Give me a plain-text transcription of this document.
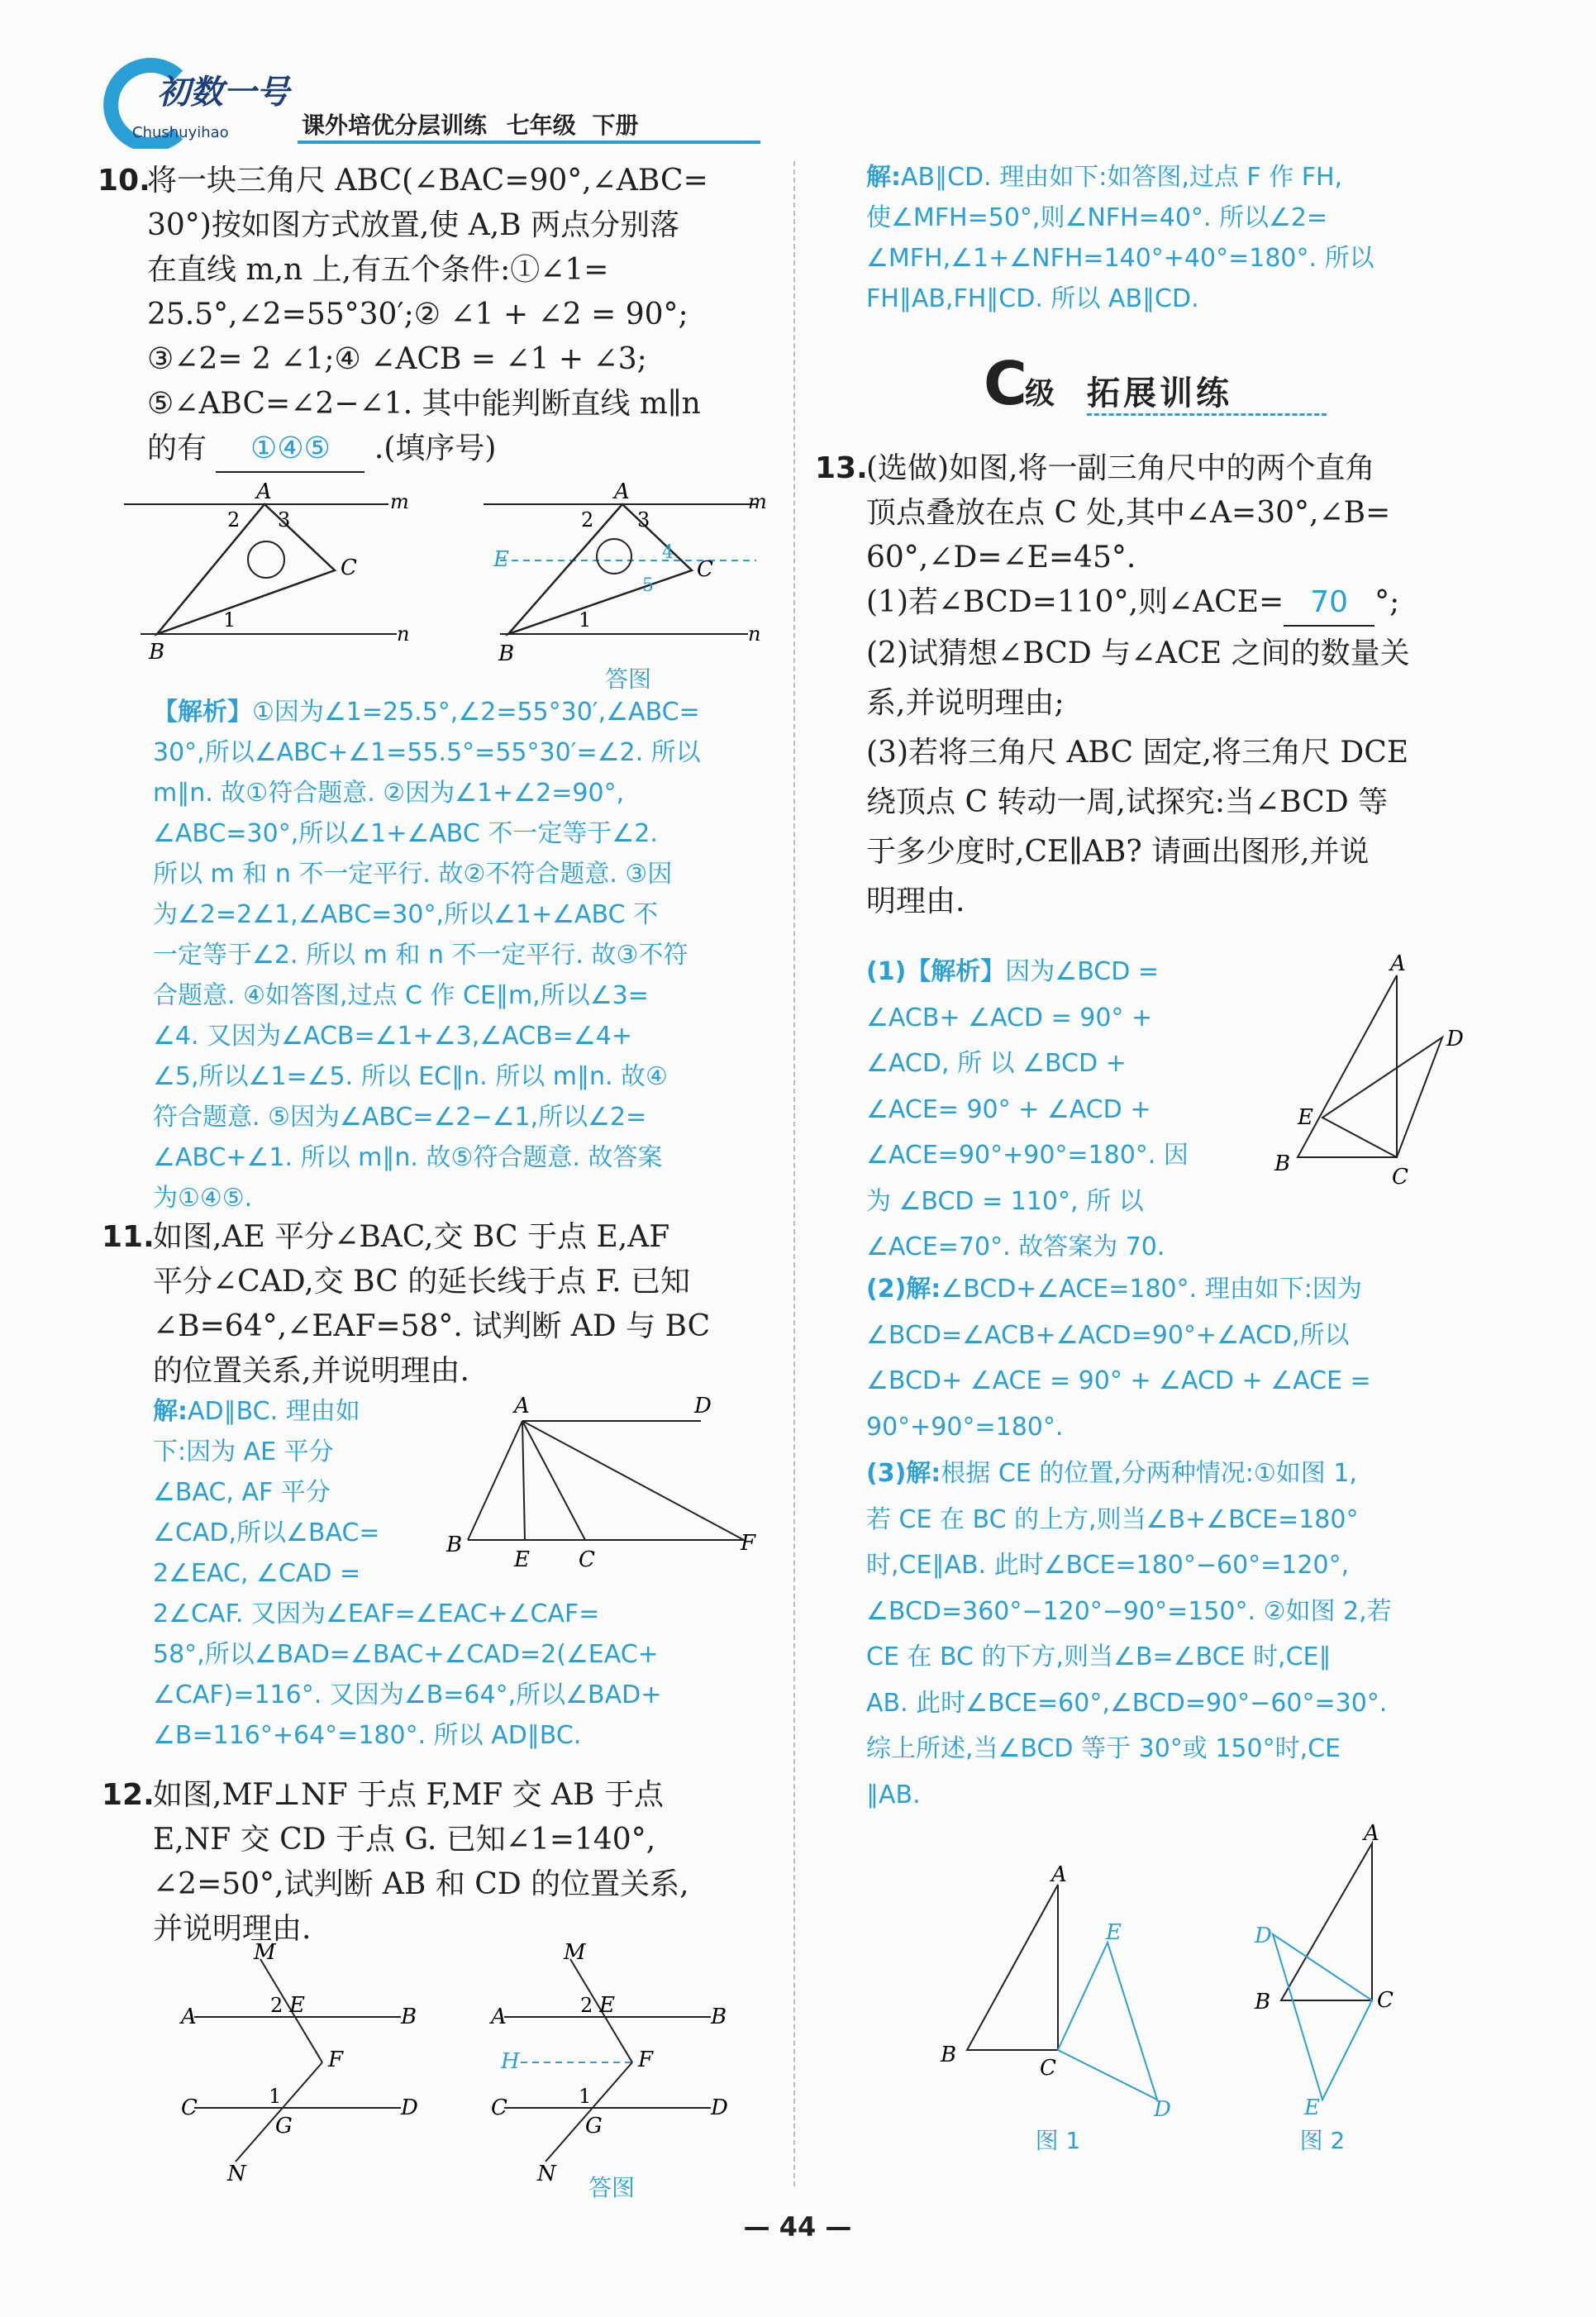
初数一号
Chushuyihao	课外培优分层训练 七年级 下册
10.
将一块三角尺 ABC(∠BAC=90°,∠ABC=
30°)按如图方式放置,使 A,B 两点分别落
在直线 m,n 上,有五个条件:①∠1=
25.5°,∠2=55°30′;② ∠1 + ∠2 = 90°;
③∠2= 2 ∠1;④ ∠ACB = ∠1 + ∠3;
⑤∠ABC=∠2−∠1. 其中能判断直线 m∥n
的有 ①④⑤ .(填序号)
A	m
n
C
B
2 3
1
A	m
n
C
B
E
2 3
4
5
1
答图
【解析】①因为∠1=25.5°,∠2=55°30′,∠ABC=
30°,所以∠ABC+∠1=55.5°=55°30′=∠2. 所以
m∥n. 故①符合题意. ②因为∠1+∠2=90°,
∠ABC=30°,所以∠1+∠ABC 不一定等于∠2.
所以 m 和 n 不一定平行. 故②不符合题意. ③因
为∠2=2∠1,∠ABC=30°,所以∠1+∠ABC 不
一定等于∠2. 所以 m 和 n 不一定平行. 故③不符
合题意. ④如答图,过点 C 作 CE∥m,所以∠3=
∠4. 又因为∠ACB=∠1+∠3,∠ACB=∠4+
∠5,所以∠1=∠5. 所以 EC∥n. 所以 m∥n. 故④
符合题意. ⑤因为∠ABC=∠2−∠1,所以∠2=
∠ABC+∠1. 所以 m∥n. 故⑤符合题意. 故答案
为①④⑤.
11.
如图,AE 平分∠BAC,交 BC 于点 E,AF
平分∠CAD,交 BC 的延长线于点 F. 已知
∠B=64°,∠EAF=58°. 试判断 AD 与 BC
的位置关系,并说明理由.
解:AD∥BC. 理由如
下:因为 AE 平分
∠BAC, AF 平分
∠CAD,所以∠BAC=
2∠EAC, ∠CAD =
2∠CAF. 又因为∠EAF=∠EAC+∠CAF=
58°,所以∠BAD=∠BAC+∠CAD=2(∠EAC+
∠CAF)=116°. 又因为∠B=64°,所以∠BAD+
∠B=116°+64°=180°. 所以 AD∥BC.
A	D
B
E C
F
12.
如图,MF⊥NF 于点 F,MF 交 AB 于点
E,NF 交 CD 于点 G. 已知∠1=140°,
∠2=50°,试判断 AB 和 CD 的位置关系,
并说明理由.
M
A	B
E
2
F
C	D
1
G
N
M
A	B
E
2
F
H
C	D
1
G
N	答图
解:AB∥CD. 理由如下:如答图,过点 F 作 FH,
使∠MFH=50°,则∠NFH=40°. 所以∠2=
∠MFH,∠1+∠NFH=140°+40°=180°. 所以
FH∥AB,FH∥CD. 所以 AB∥CD.
C
级 拓展训练
13.
(选做)如图,将一副三角尺中的两个直角
顶点叠放在点 C 处,其中∠A=30°,∠B=
60°,∠D=∠E=45°.
(1)若∠BCD=110°,则∠ACE= 70 °;
(2)试猜想∠BCD 与∠ACE 之间的数量关
系,并说明理由;
(3)若将三角尺 ABC 固定,将三角尺 DCE
绕顶点 C 转动一周,试探究:当∠BCD 等
于多少度时,CE∥AB? 请画出图形,并说
明理由.
(1)【解析】因为∠BCD =
∠ACB+ ∠ACD = 90° +
∠ACD, 所 以 ∠BCD +
∠ACE= 90° + ∠ACD +
∠ACE=90°+90°=180°. 因
为 ∠BCD = 110°, 所 以
∠ACE=70°. 故答案为 70.
A
D
E
B
C
(2)解:∠BCD+∠ACE=180°. 理由如下:因为
∠BCD=∠ACB+∠ACD=90°+∠ACD,所以
∠BCD+ ∠ACE = 90° + ∠ACD + ∠ACE =
90°+90°=180°.
(3)解:根据 CE 的位置,分两种情况:①如图 1,
若 CE 在 BC 的上方,则当∠B+∠BCE=180°
时,CE∥AB. 此时∠BCE=180°−60°=120°,
∠BCD=360°−120°−90°=150°. ②如图 2,若
CE 在 BC 的下方,则当∠B=∠BCE 时,CE∥
AB. 此时∠BCE=60°,∠BCD=90°−60°=30°.
综上所述,当∠BCD 等于 30°或 150°时,CE
∥AB.
A
B
C
E
D
图 1
A
B	C
D
E
图 2
— 44 —
